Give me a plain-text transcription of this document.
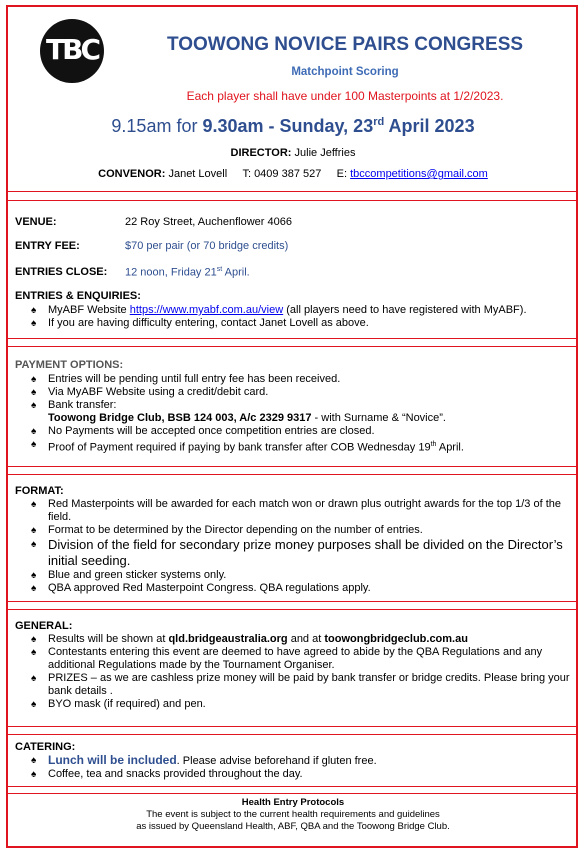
TBC	TOOWONG NOVICE PAIRS CONGRESS
Matchpoint Scoring
Each player shall have under 100 Masterpoints at 1/2/2023.
9.15am for 9.30am - Sunday, 23rd April 2023
DIRECTOR: Julie Jeffries
CONVENOR: Janet Lovell T: 0409 387 527 E: tbccompetitions@gmail.com
VENUE:	22 Roy Street, Auchenflower 4066
ENTRY FEE:	$70 per pair (or 70 bridge credits)
ENTRIES CLOSE: 12 noon, Friday 21st April.
ENTRIES & ENQUIRIES:
♠ MyABF Website https://www.myabf.com.au/view (all players need to have registered with MyABF).
♠ If you are having difficulty entering, contact Janet Lovell as above.
PAYMENT OPTIONS:
♠ Entries will be pending until full entry fee has been received.
♠ Via MyABF Website using a credit/debit card.
♠ Bank transfer:
Toowong Bridge Club, BSB 124 003, A/c 2329 9317 - with Surname & “Novice”.
♠ No Payments will be accepted once competition entries are closed.
♠ Proof of Payment required if paying by bank transfer after COB Wednesday 19th April.
FORMAT:
♠ Red Masterpoints will be awarded for each match won or drawn plus outright awards for the top 1/3 of the field.
♠ Format to be determined by the Director depending on the number of entries.
♠ Division of the field for secondary prize money purposes shall be divided on the Director’s initial seeding.
♠ Blue and green sticker systems only.
♠ QBA approved Red Masterpoint Congress. QBA regulations apply.
GENERAL:
♠ Results will be shown at qld.bridgeaustralia.org and at toowongbridgeclub.com.au
♠ Contestants entering this event are deemed to have agreed to abide by the QBA Regulations and any additional Regulations made by the Tournament Organiser.
♠ PRIZES – as we are cashless prize money will be paid by bank transfer or bridge credits. Please bring your bank details .
♠ BYO mask (if required) and pen.
CATERING:
♠ Lunch will be included. Please advise beforehand if gluten free.
♠ Coffee, tea and snacks provided throughout the day.
Health Entry Protocols
The event is subject to the current health requirements and guidelines
as issued by Queensland Health, ABF, QBA and the Toowong Bridge Club.
